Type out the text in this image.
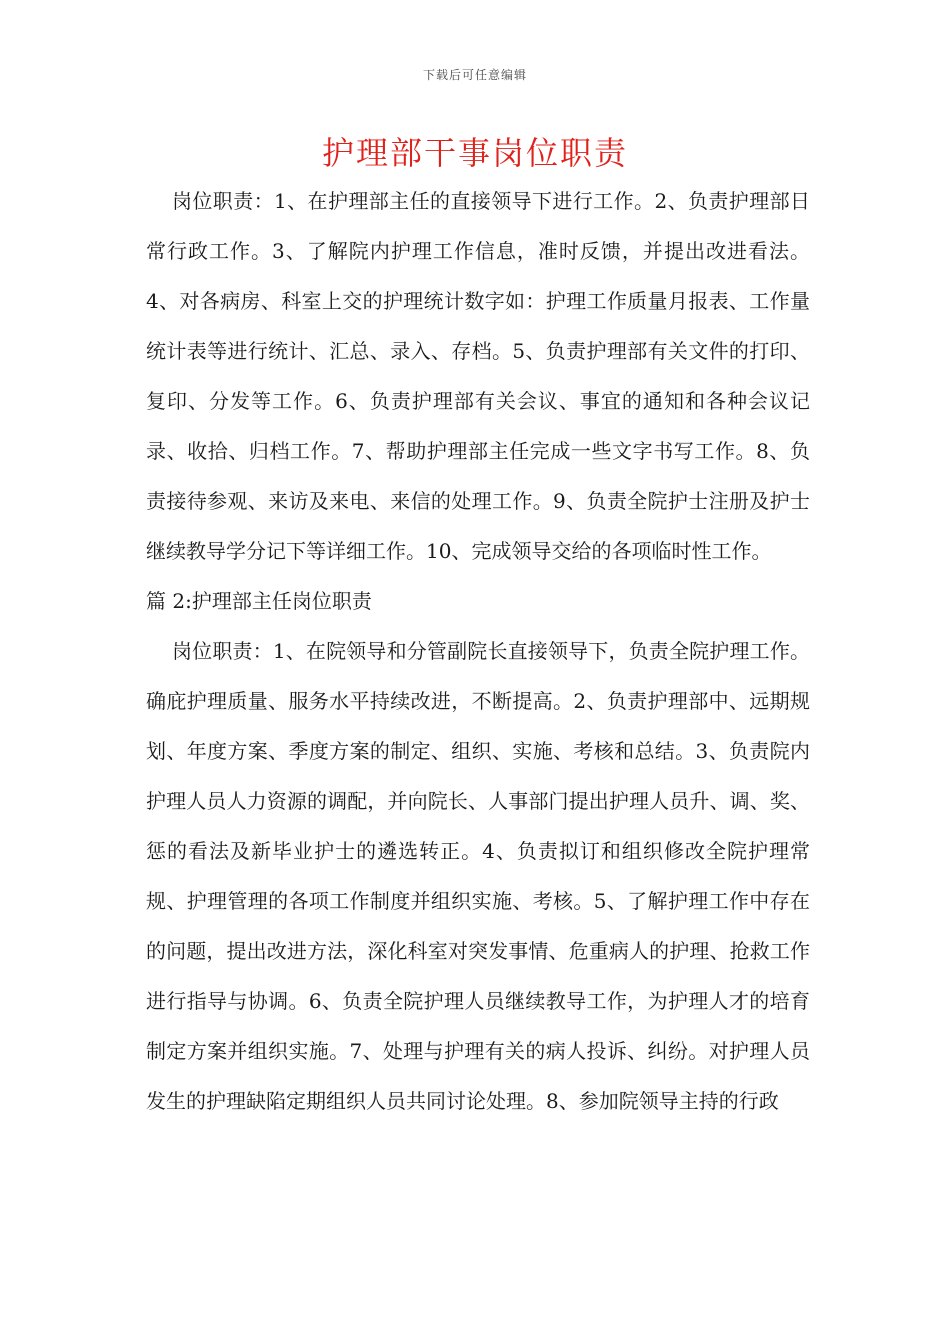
下载后可任意编辑
护理部干事岗位职责

岗位职责：1、在护理部主任的直接领导下进行工作。2、负责护理部日常行政工作。3、了解院内护理工作信息，准时反馈，并提出改进看法。4、对各病房、科室上交的护理统计数字如：护理工作质量月报表、工作量统计表等进行统计、汇总、录入、存档。5、负责护理部有关文件的打印、复印、分发等工作。6、负责护理部有关会议、事宜的通知和各种会议记录、收拾、归档工作。7、帮助护理部主任完成一些文字书写工作。8、负责接待参观、来访及来电、来信的处理工作。9、负责全院护士注册及护士继续教导学分记下等详细工作。10、完成领导交给的各项临时性工作。

篇 2:护理部主任岗位职责

岗位职责：1、在院领导和分管副院长直接领导下，负责全院护理工作。确庇护理质量、服务水平持续改进，不断提高。2、负责护理部中、远期规划、年度方案、季度方案的制定、组织、实施、考核和总结。3、负责院内护理人员人力资源的调配，并向院长、人事部门提出护理人员升、调、奖、惩的看法及新毕业护士的遴选转正。4、负责拟订和组织修改全院护理常规、护理管理的各项工作制度并组织实施、考核。5、了解护理工作中存在的问题，提出改进方法，深化科室对突发事情、危重病人的护理、抢救工作进行指导与协调。6、负责全院护理人员继续教导工作，为护理人才的培育制定方案并组织实施。7、处理与护理有关的病人投诉、纠纷。对护理人员发生的护理缺陷定期组织人员共同讨论处理。8、参加院领导主持的行政
